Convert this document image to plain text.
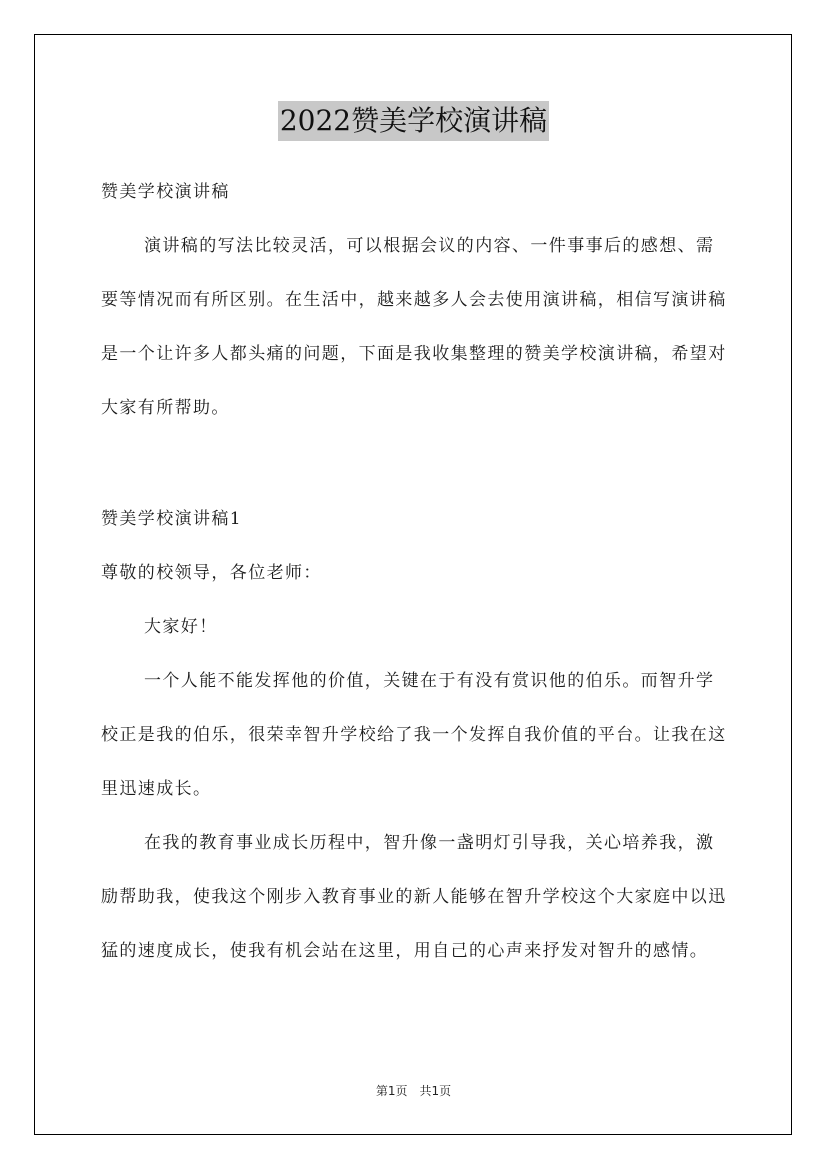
2022赞美学校演讲稿

赞美学校演讲稿

演讲稿的写法比较灵活，可以根据会议的内容、一件事事后的感想、需要等情况而有所区别。在生活中，越来越多人会去使用演讲稿，相信写演讲稿是一个让许多人都头痛的问题，下面是我收集整理的赞美学校演讲稿，希望对大家有所帮助。

赞美学校演讲稿1

尊敬的校领导，各位老师：

大家好！

一个人能不能发挥他的价值，关键在于有没有赏识他的伯乐。而智升学校正是我的伯乐，很荣幸智升学校给了我一个发挥自我价值的平台。让我在这里迅速成长。

在我的教育事业成长历程中，智升像一盏明灯引导我，关心培养我，激励帮助我，使我这个刚步入教育事业的新人能够在智升学校这个大家庭中以迅猛的速度成长，使我有机会站在这里，用自己的心声来抒发对智升的感情。

第1页　共1页
